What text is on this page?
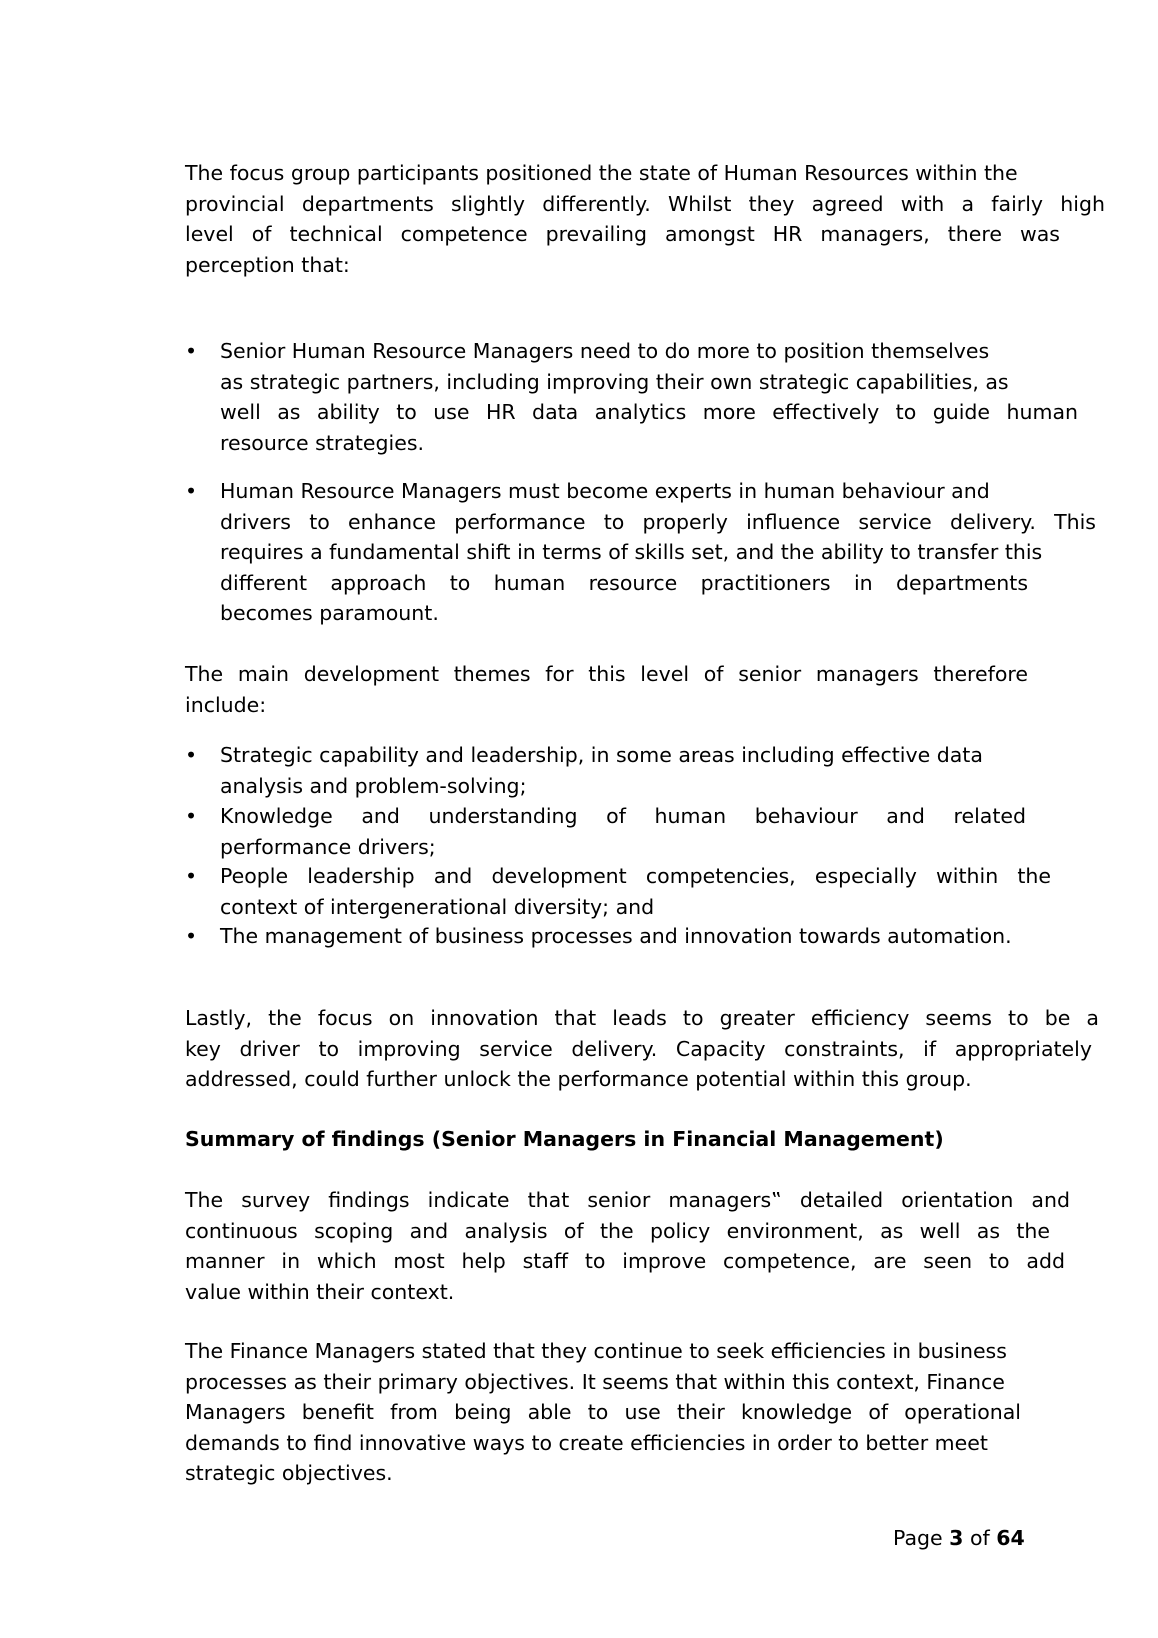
The focus group participants positioned the state of Human Resources within the
provincial departments slightly differently. Whilst they agreed with a fairly high
level of technical competence prevailing amongst HR managers, there was
perception that:
•	Senior Human Resource Managers need to do more to position themselves
as strategic partners, including improving their own strategic capabilities, as
well as ability to use HR data analytics more effectively to guide human
resource strategies.
•	Human Resource Managers must become experts in human behaviour and
drivers to enhance performance to properly influence service delivery. This
requires a fundamental shift in terms of skills set, and the ability to transfer this
different approach to human resource practitioners in departments
becomes paramount.
The main development themes for this level of senior managers therefore
include:
•	Strategic capability and leadership, in some areas including effective data
analysis and problem-solving;
•	Knowledge and understanding of human behaviour and related
performance drivers;
•	People leadership and development competencies, especially within the
context of intergenerational diversity; and
•	The management of business processes and innovation towards automation.
Lastly, the focus on innovation that leads to greater efficiency seems to be a
key driver to improving service delivery. Capacity constraints, if appropriately
addressed, could further unlock the performance potential within this group.
Summary of findings (Senior Managers in Financial Management)
The survey findings indicate that senior managers‟ detailed orientation and
continuous scoping and analysis of the policy environment, as well as the
manner in which most help staff to improve competence, are seen to add
value within their context.
The Finance Managers stated that they continue to seek efficiencies in business
processes as their primary objectives. It seems that within this context, Finance
Managers benefit from being able to use their knowledge of operational
demands to find innovative ways to create efficiencies in order to better meet
strategic objectives.
Page 3 of 64
